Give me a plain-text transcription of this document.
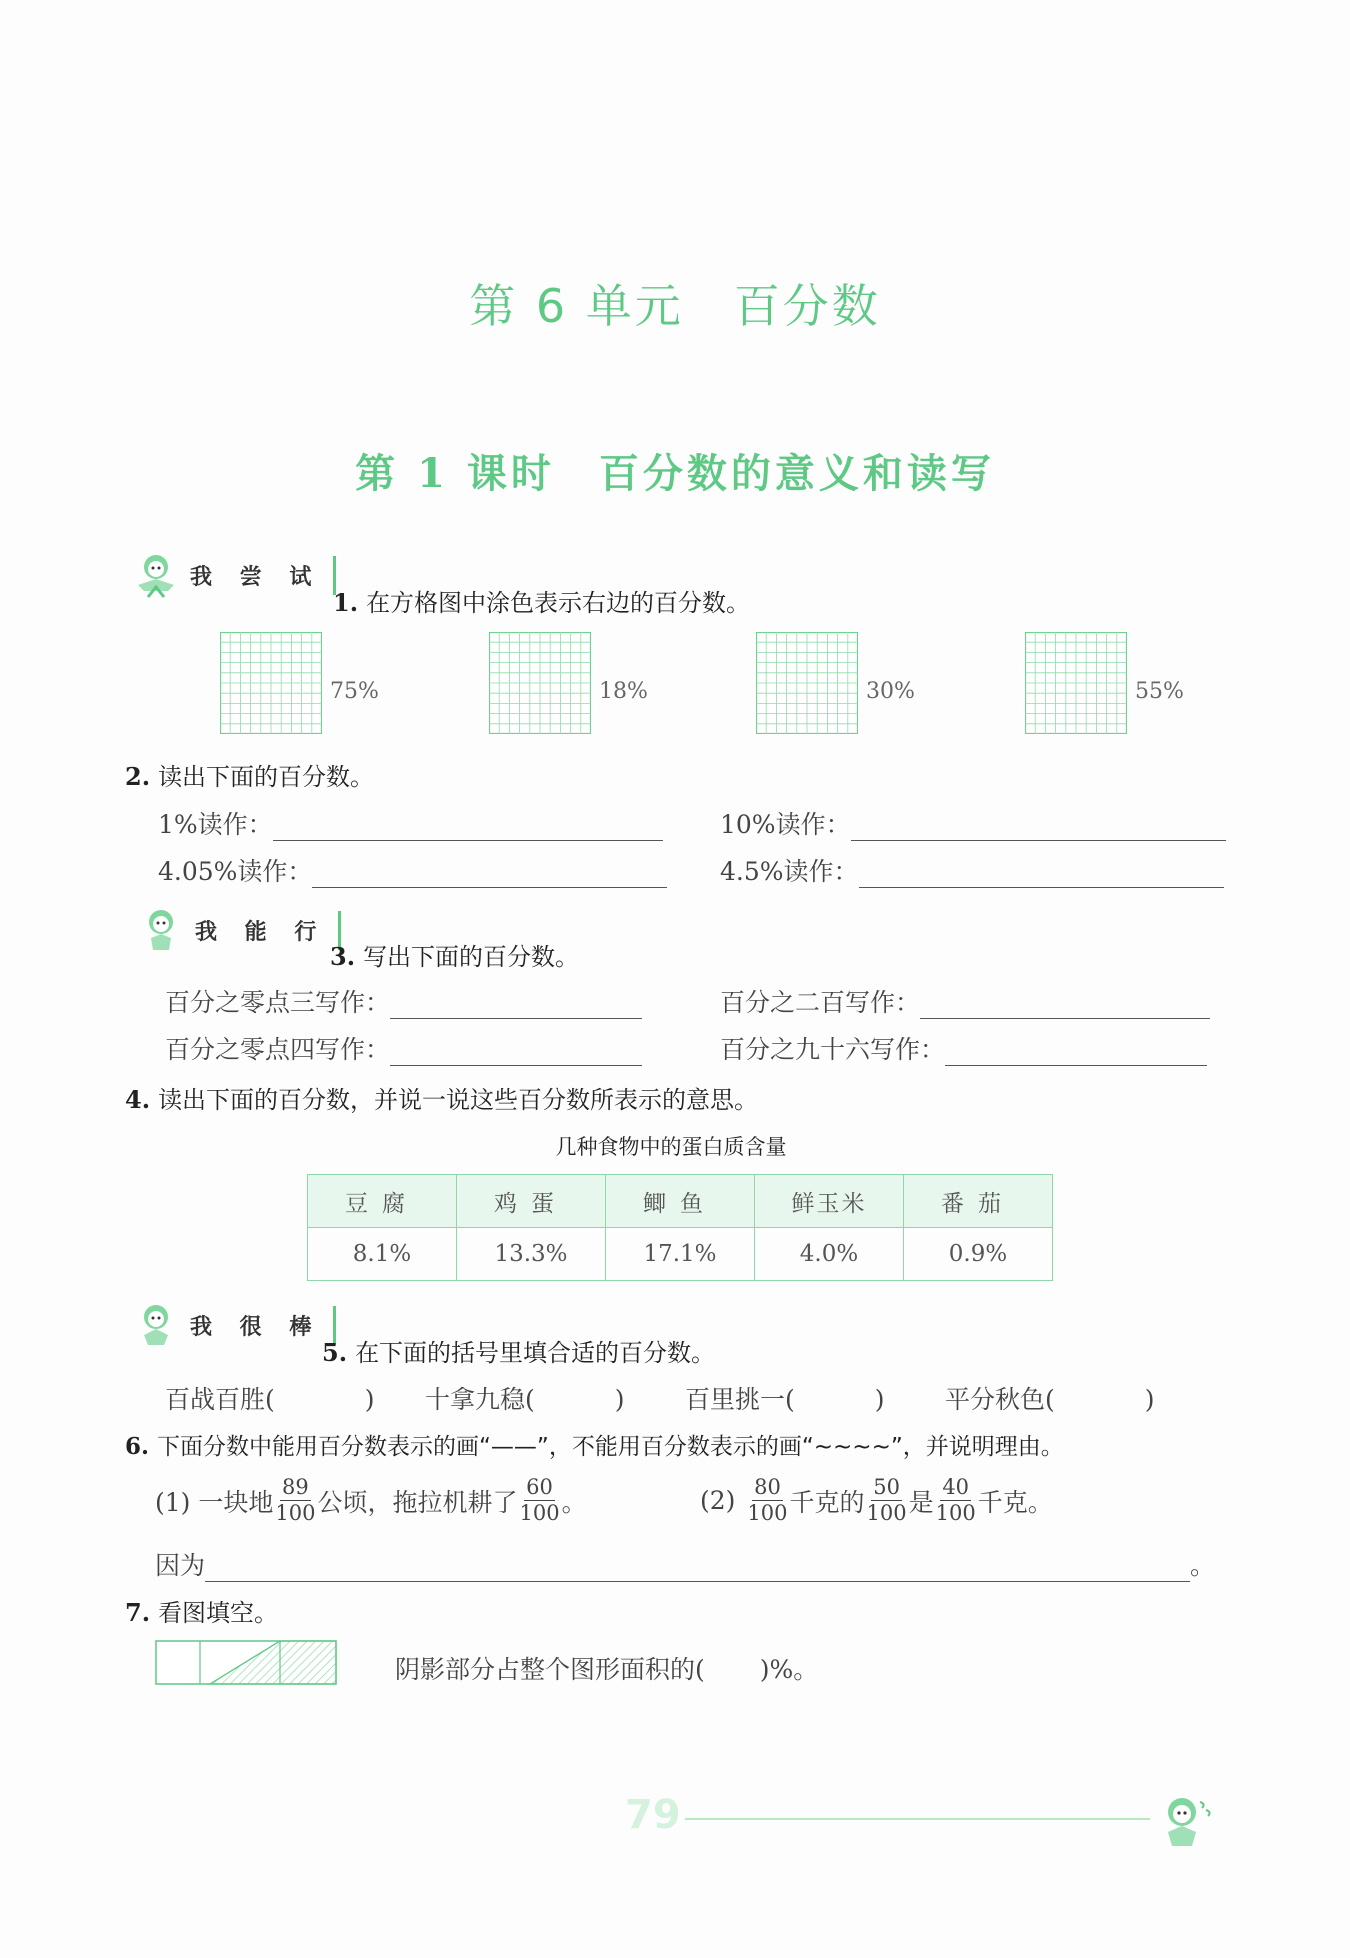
第 6 单元 百分数
第 1 课时 百分数的意义和读写
我 尝 试
1. 在方格图中涂色表示右边的百分数。
75%	18%	30%	55%
2. 读出下面的百分数。
1%读作：	10%读作：
4.05%读作：	4.5%读作：
我 能 行
3. 写出下面的百分数。
百分之零点三写作：	百分之二百写作：
百分之零点四写作：	百分之九十六写作：
4. 读出下面的百分数，并说一说这些百分数所表示的意思。
几种食物中的蛋白质含量
豆腐	鸡蛋	鲫鱼	鲜玉米	番茄
8.1%	13.3%	17.1%	4.0%	0.9%
我 很 棒
5. 在下面的括号里填合适的百分数。
百战百胜(	) 十拿九稳(	) 百里挑一(	) 平分秋色(	)
6. 下面分数中能用百分数表示的画“——”，不能用百分数表示的画“~~~~”，并说明理由。
(1) 一块地 $\frac{89}{100}$ 公顷，拖拉机耕了 $\frac{60}{100}$ 。	$(2) \frac{80}{100}$ 千克的 $\frac{50}{100}$ 是 $\frac{40}{100}$ 千克。
因为	。
7. 看图填空。
阴影部分占整个图形面积的( )%。
79
